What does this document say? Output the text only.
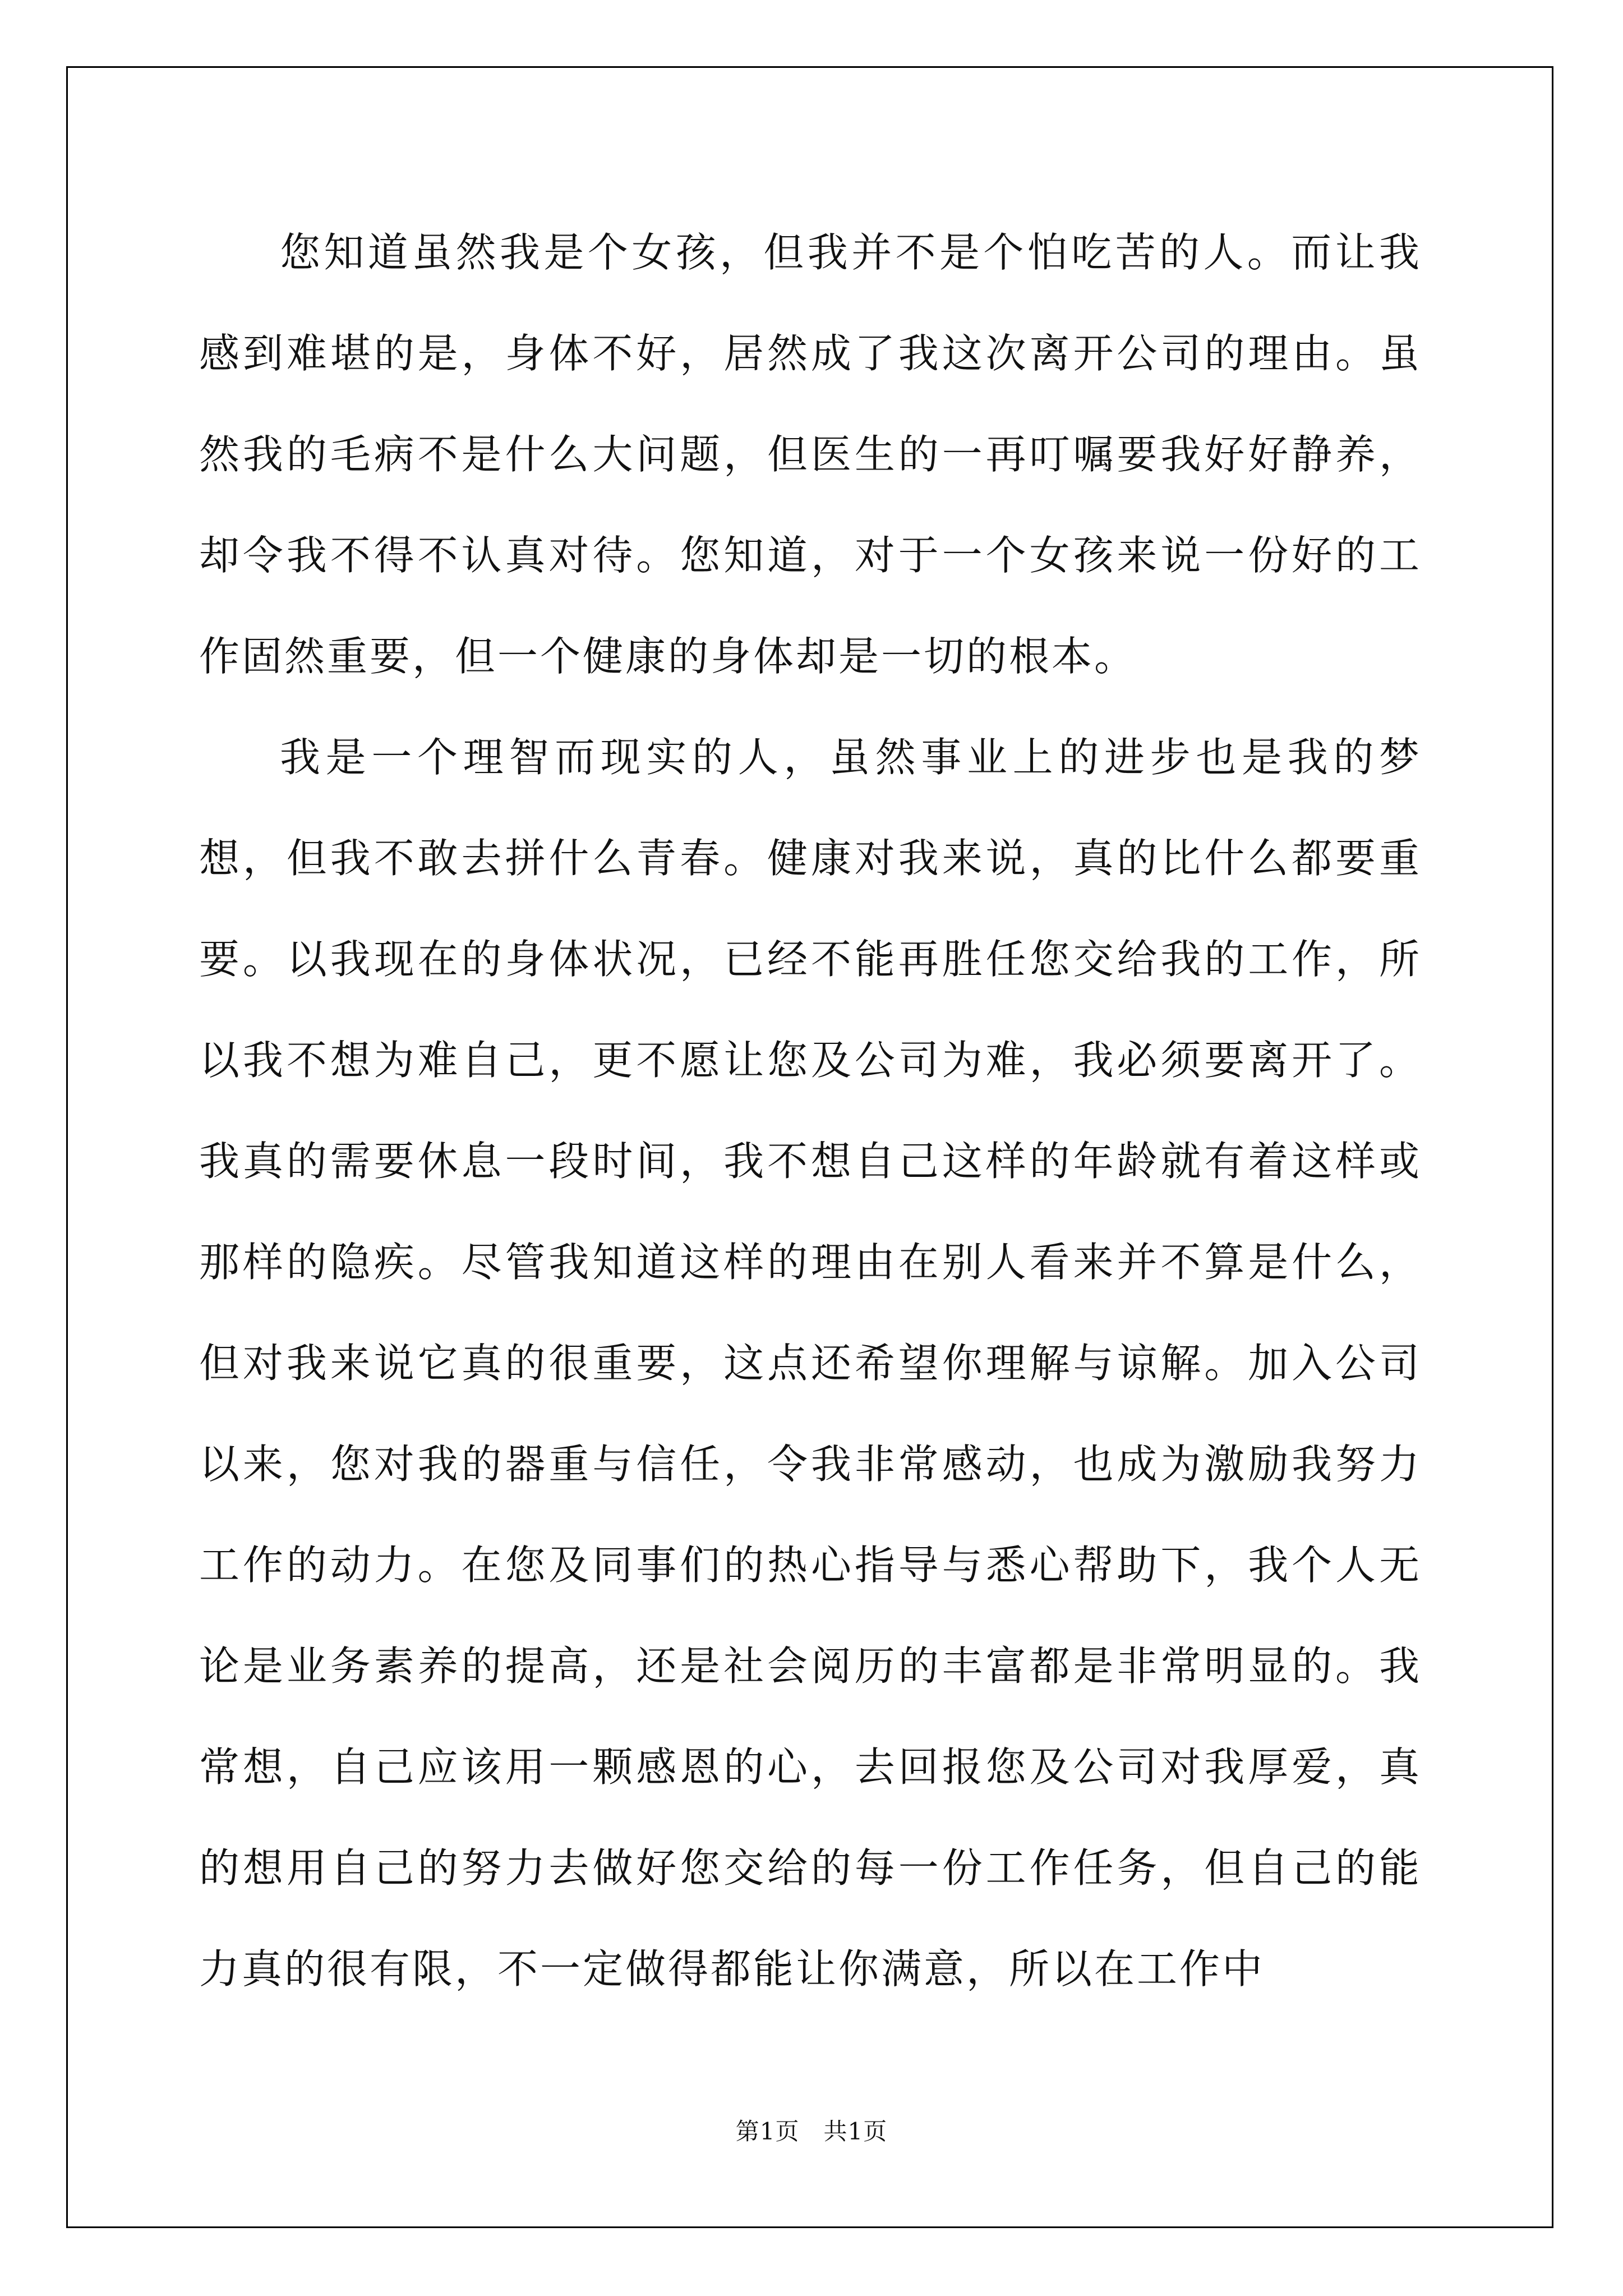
您知道虽然我是个女孩，但我并不是个怕吃苦的人。而让我感到难堪的是，身体不好，居然成了我这次离开公司的理由。虽然我的毛病不是什么大问题，但医生的一再叮嘱要我好好静养，却令我不得不认真对待。您知道，对于一个女孩来说一份好的工作固然重要，但一个健康的身体却是一切的根本。

我是一个理智而现实的人，虽然事业上的进步也是我的梦想，但我不敢去拼什么青春。健康对我来说，真的比什么都要重要。以我现在的身体状况，已经不能再胜任您交给我的工作，所以我不想为难自己，更不愿让您及公司为难，我必须要离开了。我真的需要休息一段时间，我不想自己这样的年龄就有着这样或那样的隐疾。尽管我知道这样的理由在别人看来并不算是什么，但对我来说它真的很重要，这点还希望你理解与谅解。加入公司以来，您对我的器重与信任，令我非常感动，也成为激励我努力工作的动力。在您及同事们的热心指导与悉心帮助下，我个人无论是业务素养的提高，还是社会阅历的丰富都是非常明显的。我常想，自己应该用一颗感恩的心，去回报您及公司对我厚爱，真的想用自己的努力去做好您交给的每一份工作任务，但自己的能力真的很有限，不一定做得都能让你满意，所以在工作中

第1页 共1页
